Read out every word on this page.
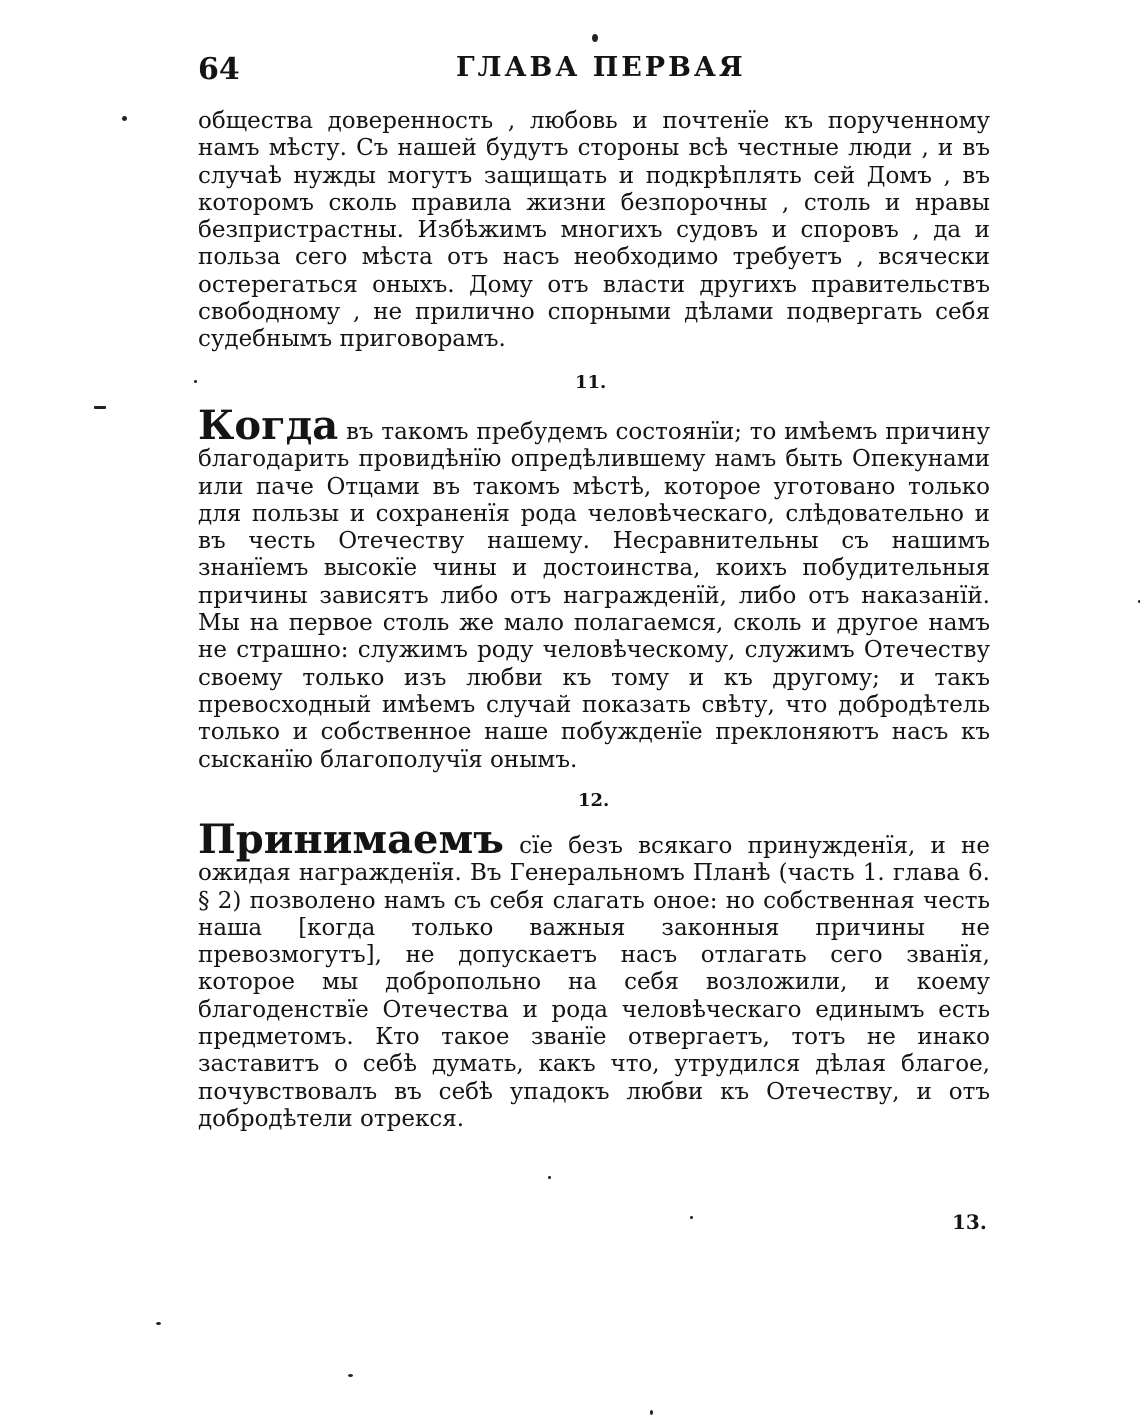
64	ГЛАВА ПЕРВАЯ
общества доверенность , любовь и почтенїе къ порученному намъ мѣсту. Съ нашей будутъ стороны всѣ честные люди , и въ случаѣ нужды могутъ защищать и подкрѣплять сей Домъ , въ которомъ сколь правила жизни безпорочны , столь и нравы безпристрастны. Избѣжимъ многихъ судовъ и споровъ , да и польза сего мѣста отъ насъ необходимо требуетъ , всячески остерегаться оныхъ. Дому отъ власти другихъ правительствъ свободному , не прилично спорными дѣлами подвергать себя судебнымъ приговорамъ.
11.
Когда въ такомъ пребудемъ состоянїи; то имѣемъ причину благодарить провидѣнїю опредѣлившему намъ быть Опекунами или паче Отцами въ такомъ мѣстѣ, которое уготовано только для пользы и сохраненїя рода человѣческаго, слѣдовательно и въ честь Отечеству нашему. Несравнительны съ нашимъ знанїемъ высокїе чины и достоинства, коихъ побудительныя причины зависятъ либо отъ награжденїй, либо отъ наказанїй. Мы на первое столь же мало полагаемся, сколь и другое намъ не страшно: служимъ роду человѣческому, служимъ Отечеству своему только изъ любви къ тому и къ другому; и такъ превосходный имѣемъ случай показать свѣту, что добродѣтель только и собственное наше побужденїе преклоняютъ насъ къ сысканїю благополучїя онымъ.
12.
Принимаемъ сїе безъ всякаго принужденїя, и не ожидая награжденїя. Въ Генеральномъ Планѣ (часть 1. глава 6. § 2) позволено намъ съ себя слагать оное: но собственная честь наша [когда только важныя законныя причины не превозмогутъ], не допускаетъ насъ отлагать сего званїя, которое мы добропольно на себя возложили, и коему благоденствїе Отечества и рода человѣческаго единымъ есть предметомъ. Кто такое званїе отвергаетъ, тотъ не инако заставитъ о себѣ думать, какъ что, утрудился дѣлая благое, почувствовалъ въ себѣ упадокъ любви къ Отечеству, и отъ добродѣтели отрекся.
13.
